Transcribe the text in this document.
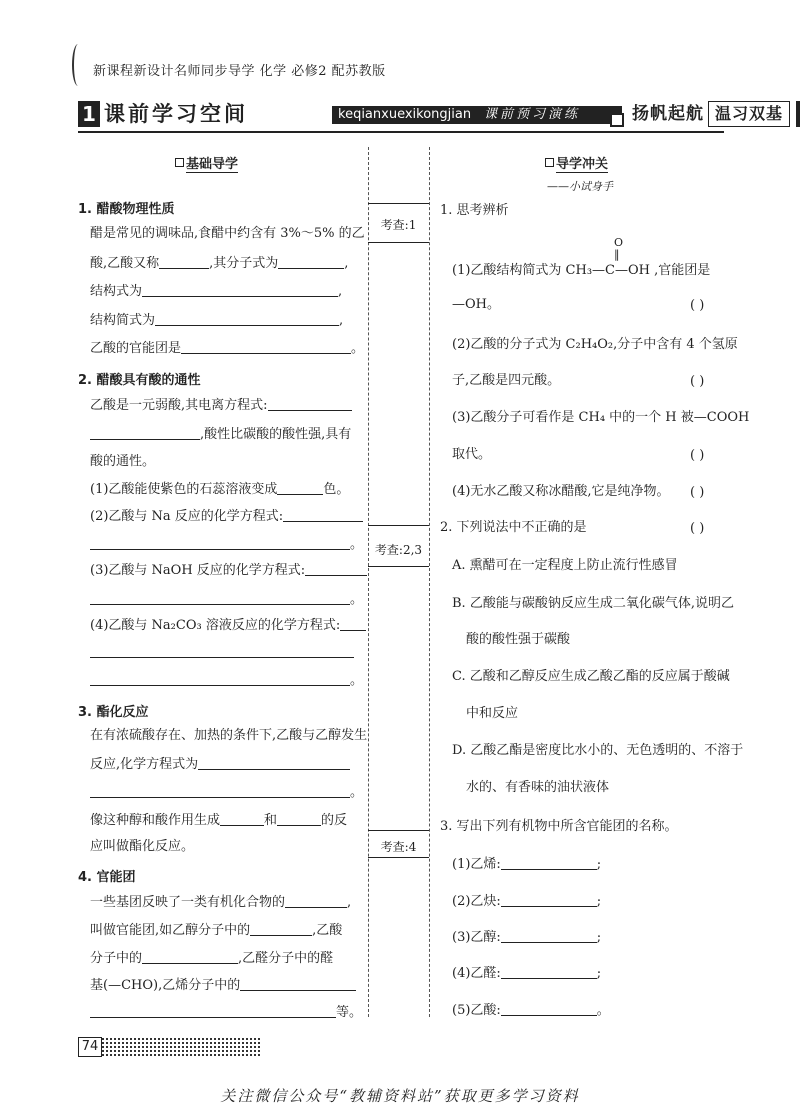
新课程新设计名师同步导学 化学 必修2 配苏教版
1 课前学习空间	keqianxuexikongjian 课前预习演练	扬帆起航 温习双基
基础导学
1. 醋酸物理性质
醋是常见的调味品,食醋中约含有 3%～5% 的乙
酸,乙酸又称	,其分子式为	,
结构式为	,
结构简式为	,
乙酸的官能团是	。
2. 醋酸具有酸的通性
乙酸是一元弱酸,其电离方程式:
,酸性比碳酸的酸性强,具有
酸的通性。
(1)乙酸能使紫色的石蕊溶液变成	色。
(2)乙酸与 Na 反应的化学方程式:
。
(3)乙酸与 NaOH 反应的化学方程式:
。
(4)乙酸与 Na₂CO₃ 溶液反应的化学方程式:
。
3. 酯化反应
在有浓硫酸存在、加热的条件下,乙酸与乙醇发生
反应,化学方程式为
。
像这种醇和酸作用生成	和	的反
应叫做酯化反应。
4. 官能团
一些基团反映了一类有机化合物的	,
叫做官能团,如乙醇分子中的	,乙酸
分子中的	,乙醛分子中的醛
基(—CHO),乙烯分子中的
等。
考查:1
考查:2,3
考查:4
导学冲关
——小试身手
1. 思考辨析
O
‖
(1)乙酸结构简式为 CH₃—C—OH ,官能团是
—OH。	( )
(2)乙酸的分子式为 C₂H₄O₂,分子中含有 4 个氢原
子,乙酸是四元酸。	( )
(3)乙酸分子可看作是 CH₄ 中的一个 H 被—COOH
取代。	( )
(4)无水乙酸又称冰醋酸,它是纯净物。 ( )
2. 下列说法中不正确的是	( )
A. 熏醋可在一定程度上防止流行性感冒
B. 乙酸能与碳酸钠反应生成二氧化碳气体,说明乙
酸的酸性强于碳酸
C. 乙酸和乙醇反应生成乙酸乙酯的反应属于酸碱
中和反应
D. 乙酸乙酯是密度比水小的、无色透明的、不溶于
水的、有香味的油状液体
3. 写出下列有机物中所含官能团的名称。
(1)乙烯:	;
(2)乙炔:	;
(3)乙醇:	;
(4)乙醛:	;
(5)乙酸:	。
74
关注微信公众号“教辅资料站”获取更多学习资料
